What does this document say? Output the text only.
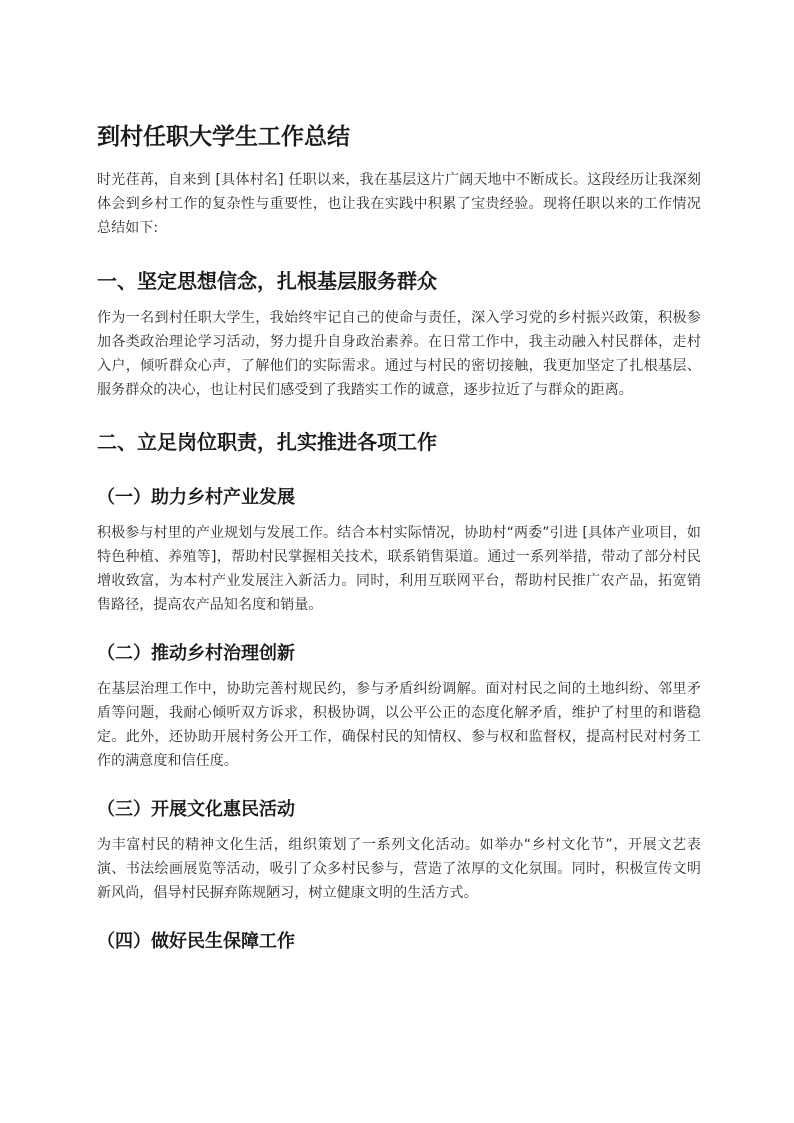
到村任职大学生工作总结

时光荏苒，自来到 [具体村名] 任职以来，我在基层这片广阔天地中不断成长。这段经历让我深刻体会到乡村工作的复杂性与重要性，也让我在实践中积累了宝贵经验。现将任职以来的工作情况总结如下:

一、坚定思想信念，扎根基层服务群众

作为一名到村任职大学生，我始终牢记自己的使命与责任，深入学习党的乡村振兴政策，积极参加各类政治理论学习活动，努力提升自身政治素养。在日常工作中，我主动融入村民群体，走村入户，倾听群众心声，了解他们的实际需求。通过与村民的密切接触，我更加坚定了扎根基层、服务群众的决心，也让村民们感受到了我踏实工作的诚意，逐步拉近了与群众的距离。

二、立足岗位职责，扎实推进各项工作
（一）助力乡村产业发展

积极参与村里的产业规划与发展工作。结合本村实际情况，协助村“两委”引进 [具体产业项目，如特色种植、养殖等]，帮助村民掌握相关技术，联系销售渠道。通过一系列举措，带动了部分村民增收致富，为本村产业发展注入新活力。同时，利用互联网平台，帮助村民推广农产品，拓宽销售路径，提高农产品知名度和销量。

（二）推动乡村治理创新

在基层治理工作中，协助完善村规民约，参与矛盾纠纷调解。面对村民之间的土地纠纷、邻里矛盾等问题，我耐心倾听双方诉求，积极协调，以公平公正的态度化解矛盾，维护了村里的和谐稳定。此外，还协助开展村务公开工作，确保村民的知情权、参与权和监督权，提高村民对村务工作的满意度和信任度。

（三）开展文化惠民活动

为丰富村民的精神文化生活，组织策划了一系列文化活动。如举办“乡村文化节”，开展文艺表演、书法绘画展览等活动，吸引了众多村民参与，营造了浓厚的文化氛围。同时，积极宣传文明新风尚，倡导村民摒弃陈规陋习，树立健康文明的生活方式。

（四）做好民生保障工作
